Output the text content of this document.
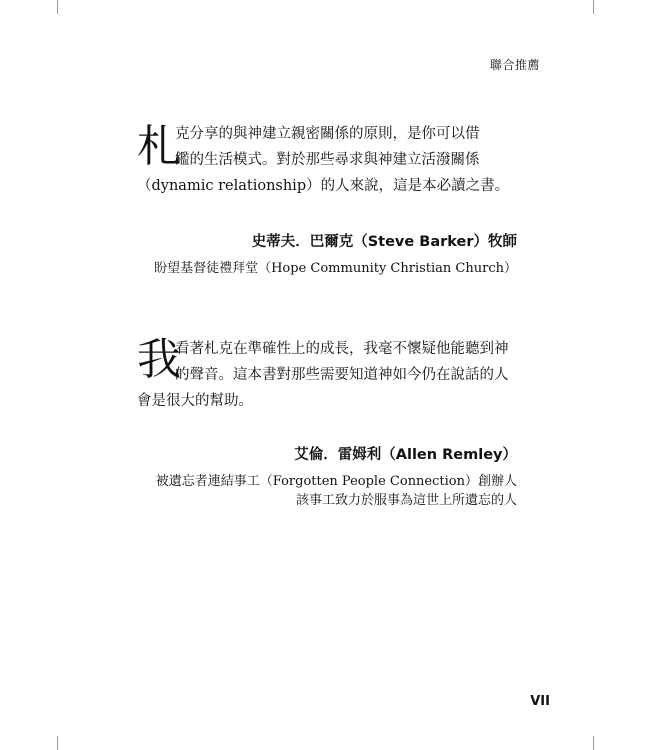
聯合推薦
札
克分享的與神建立親密關係的原則，是你可以借
鑑的生活模式。對於那些尋求與神建立活潑關係
（dynamic relationship）的人來說，這是本必讀之書。
史蒂夫．巴爾克（Steve Barker）牧師
盼望基督徒禮拜堂（Hope Community Christian Church）
我
看著札克在準確性上的成長，我毫不懷疑他能聽到神
的聲音。這本書對那些需要知道神如今仍在說話的人
會是很大的幫助。
艾倫．雷姆利（Allen Remley）
被遺忘者連結事工（Forgotten People Connection）創辦人
該事工致力於服事為這世上所遺忘的人
VII
